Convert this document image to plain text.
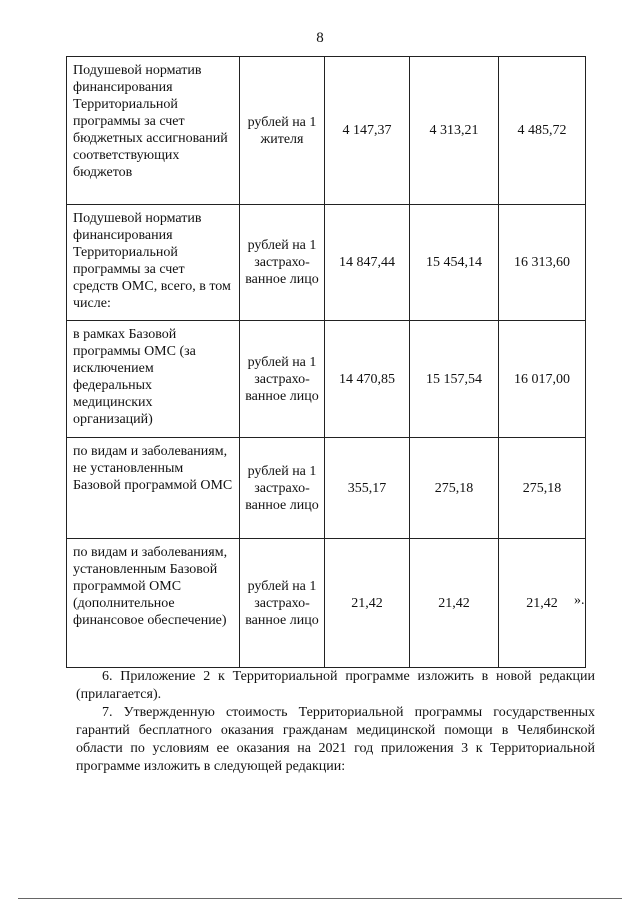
8
Подушевой норматив финансирования Территориальной программы за счет бюджетных ассигнований соответствующих бюджетов	рублей на 1 жителя	4 147,37	4 313,21	4 485,72
Подушевой норматив финансирования Территориальной программы за счет средств ОМС, всего, в том числе:	рублей на 1 застрахо-ванное лицо	14 847,44	15 454,14	16 313,60
в рамках Базовой программы ОМС (за исключением федеральных медицинских организаций)	рублей на 1 застрахо-ванное лицо	14 470,85	15 157,54	16 017,00
по видам и заболеваниям, не установленным Базовой программой ОМС	рублей на 1 застрахо-ванное лицо	355,17	275,18	275,18
по видам и заболеваниям, установленным Базовой программой ОМС (дополнительное финансовое обеспечение)	рублей на 1 застрахо-ванное лицо	21,42	21,42	21,42 ».
6. Приложение 2 к Территориальной программе изложить в новой редакции (прилагается).
7. Утвержденную стоимость Территориальной программы государственных гарантий бесплатного оказания гражданам медицинской помощи в Челябинской области по условиям ее оказания на 2021 год приложения 3 к Территориальной программе изложить в следующей редакции:
